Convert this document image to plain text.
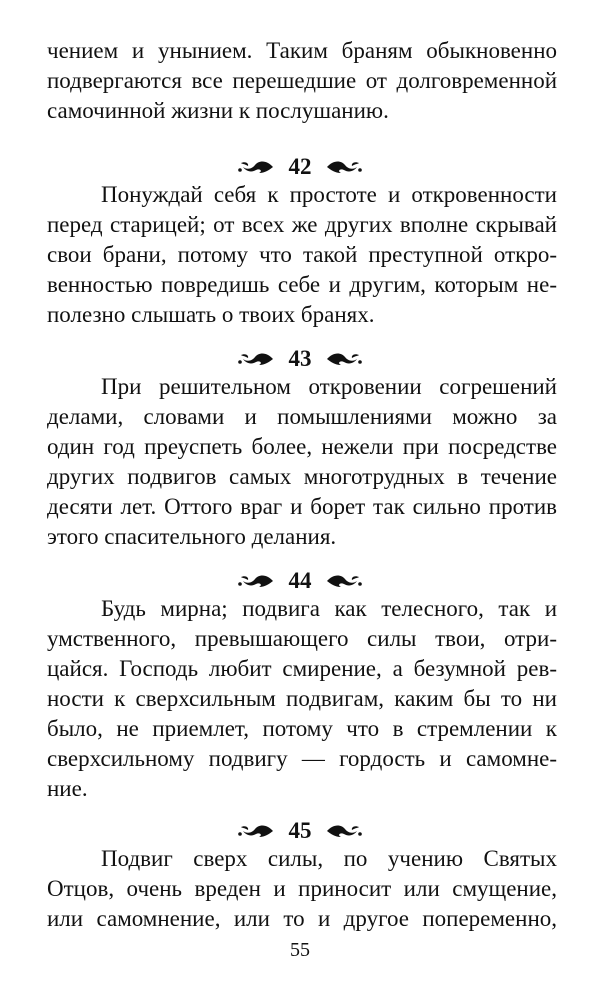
чением и унынием. Таким браням обыкновенно
подвергаются все перешедшие от долговременной
самочинной жизни к послушанию.
42
Понуждай себя к простоте и откровенности
перед старицей; от всех же других вполне скрывай
свои брани, потому что такой преступной откро-
венностью повредишь себе и другим, которым не-
полезно слышать о твоих бранях.
43
При решительном откровении согрешений
делами, словами и помышлениями можно за
один год преуспеть более, нежели при посредстве
других подвигов самых многотрудных в течение
десяти лет. Оттого враг и борет так сильно против
этого спасительного делания.
44
Будь мирна; подвига как телесного, так и
умственного, превышающего силы твои, отри-
цайся. Господь любит смирение, а безумной рев-
ности к сверхсильным подвигам, каким бы то ни
было, не приемлет, потому что в стремлении к
сверхсильному подвигу — гордость и самомне-
ние.
45
Подвиг сверх силы, по учению Святых
Отцов, очень вреден и приносит или смущение,
или самомнение, или то и другое попеременно,
55
